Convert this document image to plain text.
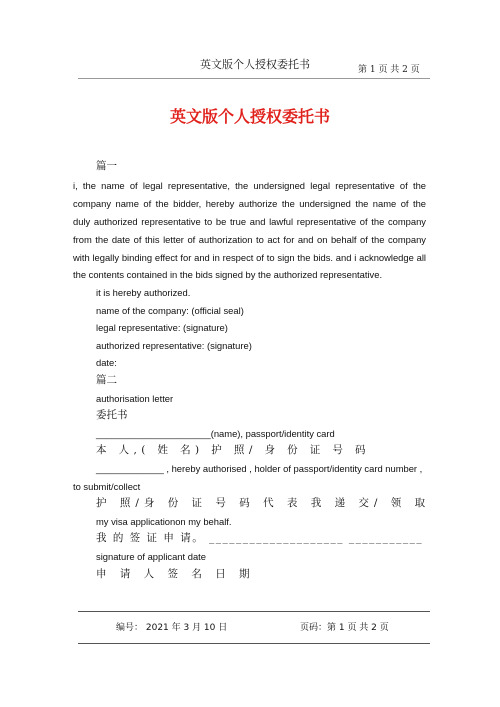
英文版个人授权委托书	第 1 页 共 2 页
英文版个人授权委托书
篇一
i, the name of legal representative, the undersigned legal representative of the
company name of the bidder, hereby authorize the undersigned the name of the
duly authorized representative to be true and lawful representative of the company
from the date of this letter of authorization to act for and on behalf of the company
with legally binding effect for and in respect of to sign the bids. and i acknowledge all
the contents contained in the bids signed by the authorized representative.
it is hereby authorized.
name of the company: (official seal)
legal representative: (signature)
authorized representative: (signature)
date:
篇二
authorisation letter
委托书
______________________(name), passport/identity card
本 人,( 姓 名) 护 照/ 身 份 证 号 码
_____________ , hereby authorised , holder of passport/identity card number ,
to submit/collect
护 照/身 份 证 号 码 代 表 我 递 交/ 领 取
my visa applicationon my behalf.
我 的 签 证 申 请。 ____________________ ___________
signature of applicant date
申 请 人 签 名 日 期
编号： 2021 年 3 月 10 日	页码：第 1 页 共 2 页
